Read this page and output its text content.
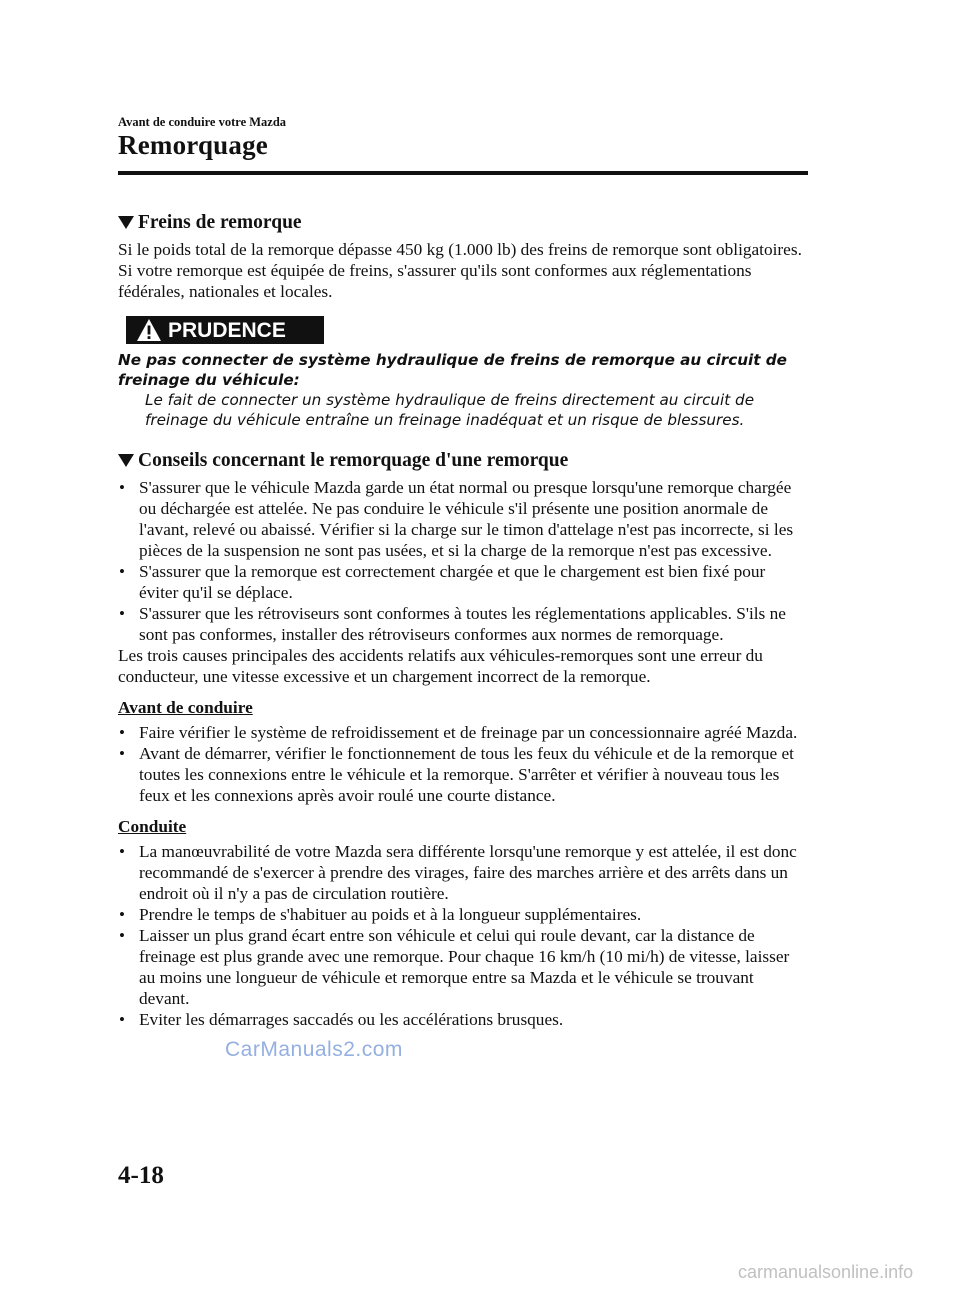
Avant de conduire votre Mazda
Remorquage
Freins de remorque

Si le poids total de la remorque dépasse 450 kg (1.000 lb) des freins de remorque sont obligatoires. Si votre remorque est équipée de freins, s'assurer qu'ils sont conformes aux réglementations fédérales, nationales et locales.

PRUDENCE
Ne pas connecter de système hydraulique de freins de remorque au circuit de freinage du véhicule:
Le fait de connecter un système hydraulique de freins directement au circuit de freinage du véhicule entraîne un freinage inadéquat et un risque de blessures.
Conseils concernant le remorquage d'une remorque
• S'assurer que le véhicule Mazda garde un état normal ou presque lorsqu'une remorque chargée ou déchargée est attelée. Ne pas conduire le véhicule s'il présente une position anormale de l'avant, relevé ou abaissé. Vérifier si la charge sur le timon d'attelage n'est pas incorrecte, si les pièces de la suspension ne sont pas usées, et si la charge de la remorque n'est pas excessive.
• S'assurer que la remorque est correctement chargée et que le chargement est bien fixé pour éviter qu'il se déplace.
• S'assurer que les rétroviseurs sont conformes à toutes les réglementations applicables. S'ils ne sont pas conformes, installer des rétroviseurs conformes aux normes de remorquage.

Les trois causes principales des accidents relatifs aux véhicules-remorques sont une erreur du conducteur, une vitesse excessive et un chargement incorrect de la remorque.

Avant de conduire
• Faire vérifier le système de refroidissement et de freinage par un concessionnaire agréé Mazda.
• Avant de démarrer, vérifier le fonctionnement de tous les feux du véhicule et de la remorque et toutes les connexions entre le véhicule et la remorque. S'arrêter et vérifier à nouveau tous les feux et les connexions après avoir roulé une courte distance.
Conduite
• La manœuvrabilité de votre Mazda sera différente lorsqu'une remorque y est attelée, il est donc recommandé de s'exercer à prendre des virages, faire des marches arrière et des arrêts dans un endroit où il n'y a pas de circulation routière.
• Prendre le temps de s'habituer au poids et à la longueur supplémentaires.
• Laisser un plus grand écart entre son véhicule et celui qui roule devant, car la distance de freinage est plus grande avec une remorque. Pour chaque 16 km/h (10 mi/h) de vitesse, laisser au moins une longueur de véhicule et remorque entre sa Mazda et le véhicule se trouvant devant.
• Eviter les démarrages saccadés ou les accélérations brusques.
CarManuals2.com
4-18
carmanualsonline.info
